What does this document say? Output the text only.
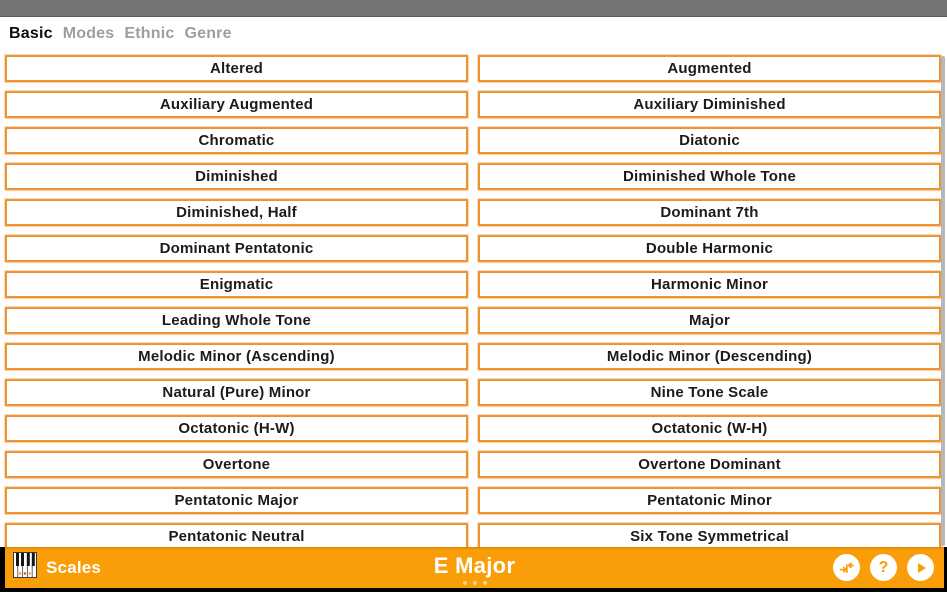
Basic Modes Ethnic Genre
Altered	Augmented
Auxiliary Augmented	Auxiliary Diminished
Chromatic	Diatonic
Diminished	Diminished Whole Tone
Diminished, Half	Dominant 7th
Dominant Pentatonic	Double Harmonic
Enigmatic	Harmonic Minor
Leading Whole Tone	Major
Melodic Minor (Ascending)	Melodic Minor (Descending)
Natural (Pure) Minor	Nine Tone Scale
Octatonic (H-W)	Octatonic (W-H)
Overtone	Overtone Dominant
Pentatonic Major	Pentatonic Minor
Pentatonic Neutral	Six Tone Symmetrical
Scales	E Major	?
